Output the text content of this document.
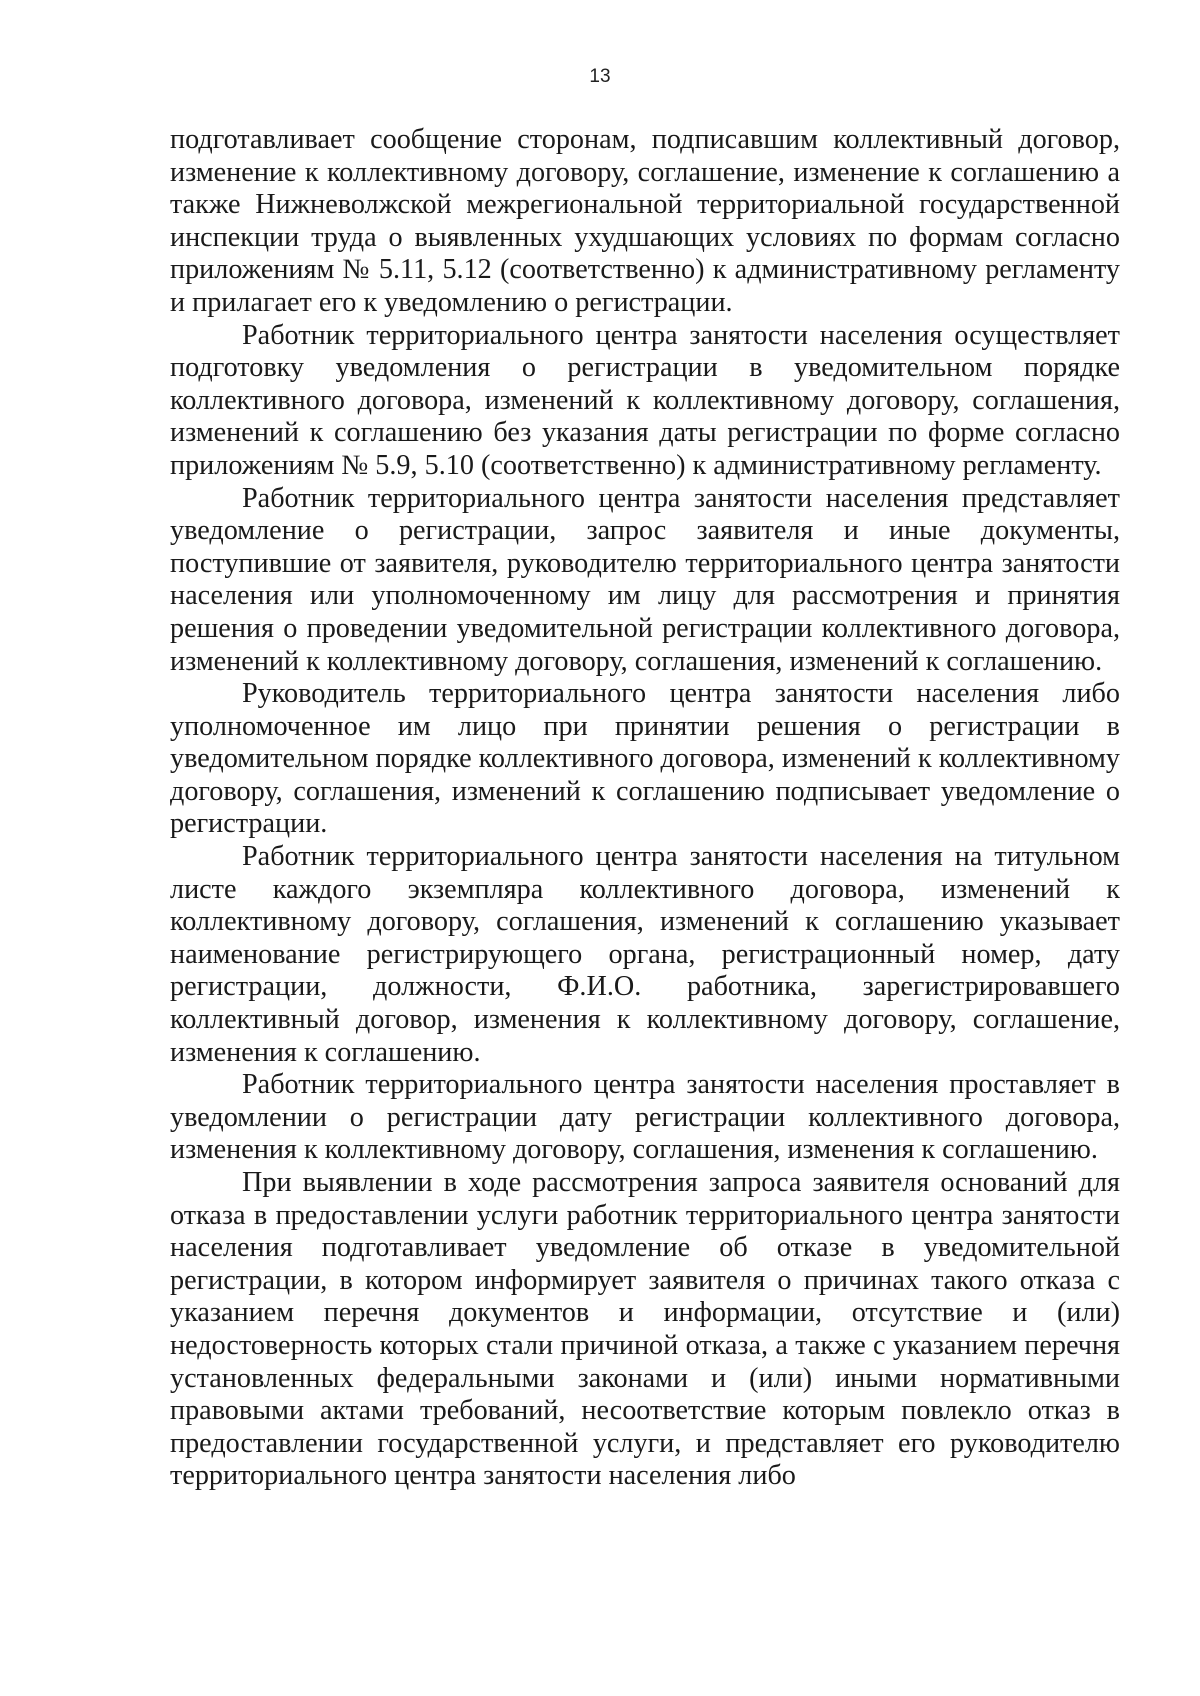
13

подготавливает сообщение сторонам, подписавшим коллективный договор, изменение к коллективному договору, соглашение, изменение к соглашению а также Нижневолжской межрегиональной территориальной государственной инспекции труда о выявленных ухудшающих условиях по формам согласно приложениям № 5.11, 5.12 (соответственно) к административному регламенту и прилагает его к уведомлению о регистрации.

Работник территориального центра занятости населения осуществляет подготовку уведомления о регистрации в уведомительном порядке коллективного договора, изменений к коллективному договору, соглашения, изменений к соглашению без указания даты регистрации по форме согласно приложениям № 5.9, 5.10 (соответственно) к административному регламенту.

Работник территориального центра занятости населения представляет уведомление о регистрации, запрос заявителя и иные документы, поступившие от заявителя, руководителю территориального центра занятости населения или уполномоченному им лицу для рассмотрения и принятия решения о проведении уведомительной регистрации коллективного договора, изменений к коллективному договору, соглашения, изменений к соглашению.

Руководитель территориального центра занятости населения либо уполномоченное им лицо при принятии решения о регистрации в уведомительном порядке коллективного договора, изменений к коллективному договору, соглашения, изменений к соглашению подписывает уведомление о регистрации.

Работник территориального центра занятости населения на титульном листе каждого экземпляра коллективного договора, изменений к коллективному договору, соглашения, изменений к соглашению указывает наименование регистрирующего органа, регистрационный номер, дату регистрации, должности, Ф.И.О. работника, зарегистрировавшего коллективный договор, изменения к коллективному договору, соглашение, изменения к соглашению.

Работник территориального центра занятости населения проставляет в уведомлении о регистрации дату регистрации коллективного договора, изменения к коллективному договору, соглашения, изменения к соглашению.

При выявлении в ходе рассмотрения запроса заявителя оснований для отказа в предоставлении услуги работник территориального центра занятости населения подготавливает уведомление об отказе в уведомительной регистрации, в котором информирует заявителя о причинах такого отказа с указанием перечня документов и информации, отсутствие и (или) недостоверность которых стали причиной отказа, а также с указанием перечня установленных федеральными законами и (или) иными нормативными правовыми актами требований, несоответствие которым повлекло отказ в предоставлении государственной услуги, и представляет его руководителю территориального центра занятости населения либо
